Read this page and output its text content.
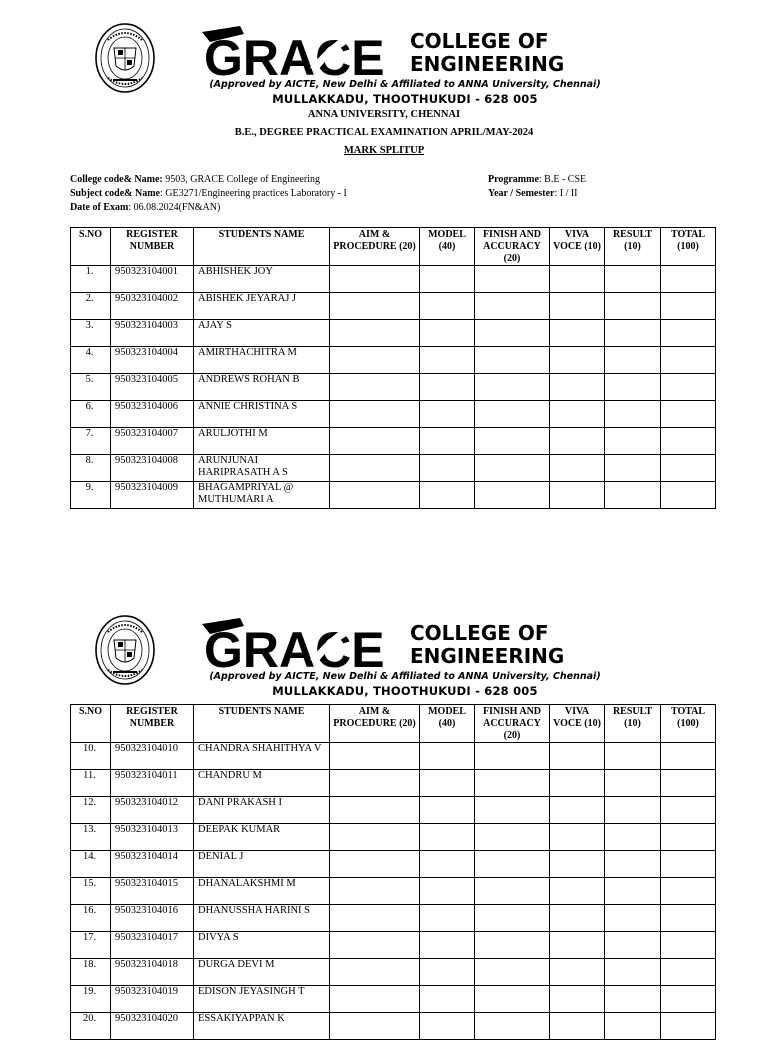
GRACE COLLEGE OF
ENGINEERING
(Approved by AICTE, New Delhi & Affiliated to ANNA University, Chennai)
MULLAKKADU, THOOTHUKUDI - 628 005
ANNA UNIVERSITY, CHENNAI
B.E., DEGREE PRACTICAL EXAMINATION APRIL/MAY-2024
MARK SPLITUP
College code& Name: 9503, GRACE College of Engineering
Subject code& Name: GE3271/Engineering practices Laboratory - I
Date of Exam: 06.08.2024(FN&AN)
Programme: B.E - CSE
Year / Semester: I / II
S.NO	REGISTER NUMBER	STUDENTS NAME	AIM & PROCEDURE (20)	MODEL (40)	FINISH AND ACCURACY (20)	VIVA VOCE (10)	RESULT (10)	TOTAL (100)
1.	950323104001	ABHISHEK JOY						
2.	950323104002	ABISHEK JEYARAJ J						
3.	950323104003	AJAY S						
4.	950323104004	AMIRTHACHITRA M						
5.	950323104005	ANDREWS ROHAN B						
6.	950323104006	ANNIE CHRISTINA S						
7.	950323104007	ARULJOTHI M						
8.	950323104008	ARUNJUNAI HARIPRASATH A S						
9.	950323104009	BHAGAMPRIYAL @ MUTHUMARI A						
GRACE COLLEGE OF
ENGINEERING
(Approved by AICTE, New Delhi & Affiliated to ANNA University, Chennai)
MULLAKKADU, THOOTHUKUDI - 628 005
S.NO	REGISTER NUMBER	STUDENTS NAME	AIM & PROCEDURE (20)	MODEL (40)	FINISH AND ACCURACY (20)	VIVA VOCE (10)	RESULT (10)	TOTAL (100)
10.	950323104010	CHANDRA SHAHITHYA V						
11.	950323104011	CHANDRU M						
12.	950323104012	DANI PRAKASH I						
13.	950323104013	DEEPAK KUMAR						
14.	950323104014	DENIAL J						
15.	950323104015	DHANALAKSHMI M						
16.	950323104016	DHANUSSHA HARINI S						
17.	950323104017	DIVYA S						
18.	950323104018	DURGA DEVI M						
19.	950323104019	EDISON JEYASINGH T						
20.	950323104020	ESSAKIYAPPAN K						
